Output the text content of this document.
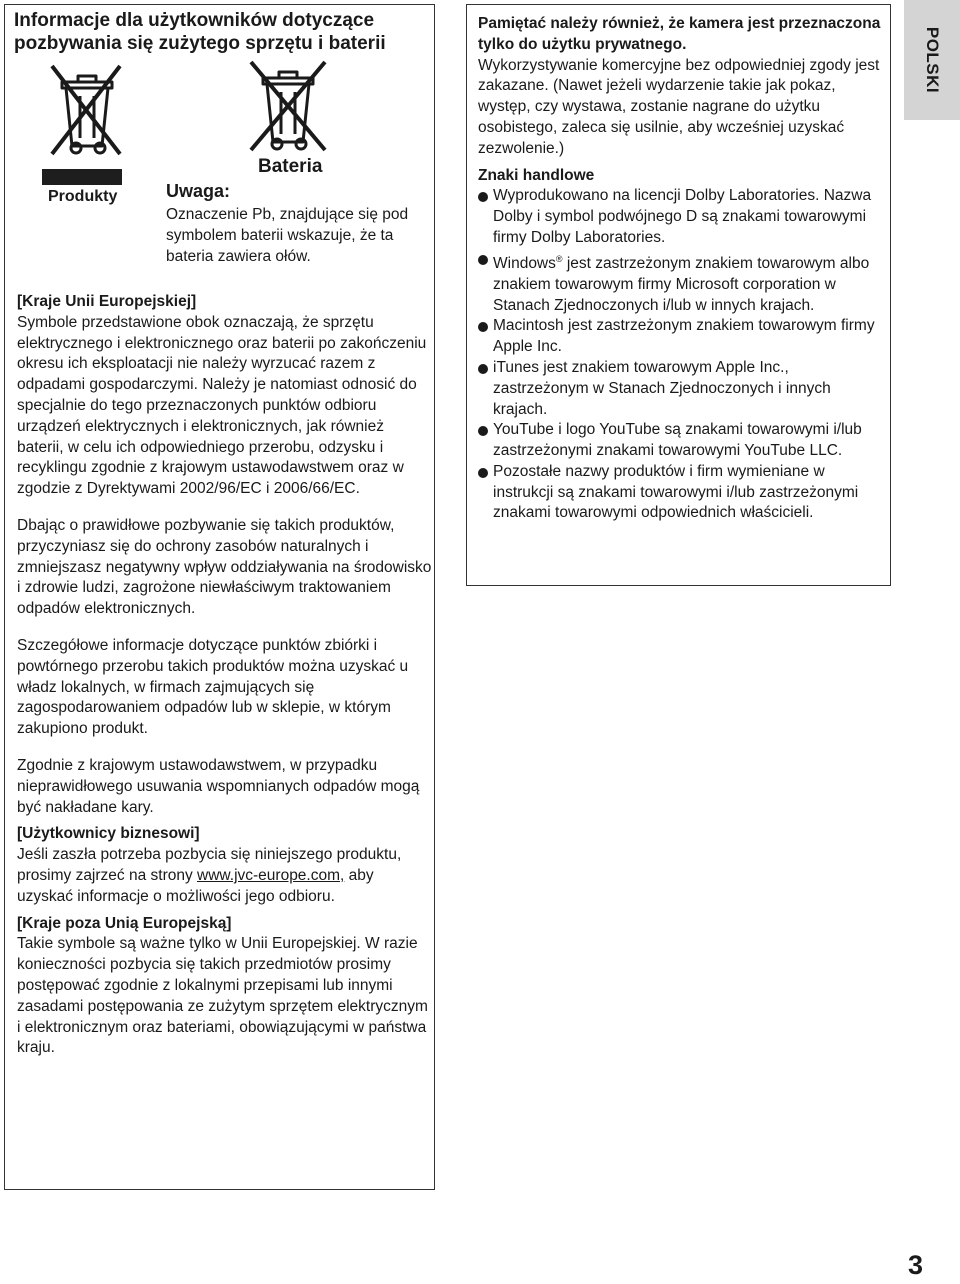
Informacje dla użytkowników dotyczące pozbywania się zużytego sprzętu i baterii
Produkty
Bateria
Uwaga:

Oznaczenie Pb, znajdujące się pod symbolem baterii wskazuje, że ta bateria zawiera ołów.

[Kraje Unii Europejskiej]

Symbole przedstawione obok oznaczają, że sprzętu elektrycznego i elektronicznego oraz baterii po zakończeniu okresu ich eksploatacji nie należy wyrzucać razem z odpadami gospodarczymi. Należy je natomiast odnosić do specjalnie do tego przeznaczonych punktów odbioru urządzeń elektrycznych i elektronicznych, jak również baterii, w celu ich odpowiedniego przerobu, odzysku i recyklingu zgodnie z krajowym ustawodawstwem oraz w zgodzie z Dyrektywami 2002/96/EC i 2006/66/EC.

Dbając o prawidłowe pozbywanie się takich produktów, przyczyniasz się do ochrony zasobów naturalnych i zmniejszasz negatywny wpływ oddziaływania na środowisko i zdrowie ludzi, zagrożone niewłaściwym traktowaniem odpadów elektronicznych.

Szczegółowe informacje dotyczące punktów zbiórki i powtórnego przerobu takich produktów można uzyskać u władz lokalnych, w firmach zajmujących się zagospodarowaniem odpadów lub w sklepie, w którym zakupiono produkt.

Zgodnie z krajowym ustawodawstwem, w przypadku nieprawidłowego usuwania wspomnianych odpadów mogą być nakładane kary.

[Użytkownicy biznesowi]

Jeśli zaszła potrzeba pozbycia się niniejszego produktu, prosimy zajrzeć na strony www.jvc-europe.com, aby uzyskać informacje o możliwości jego odbioru.

[Kraje poza Unią Europejską]

Takie symbole są ważne tylko w Unii Europejskiej. W razie konieczności pozbycia się takich przedmiotów prosimy postępować zgodnie z lokalnymi przepisami lub innymi zasadami postępowania ze zużytym sprzętem elektrycznym i elektronicznym oraz bateriami, obowiązującymi w państwa kraju.

Pamiętać należy również, że kamera jest przeznaczona tylko do użytku prywatnego.

Wykorzystywanie komercyjne bez odpowiedniej zgody jest zakazane. (Nawet jeżeli wydarzenie takie jak pokaz, występ, czy wystawa, zostanie nagrane do użytku osobistego, zaleca się usilnie, aby wcześniej uzyskać zezwolenie.)

Znaki handlowe

Wyprodukowano na licencji Dolby Laboratories. Nazwa Dolby i symbol podwójnego D są znakami towarowymi firmy Dolby Laboratories.

Windows® jest zastrzeżonym znakiem towarowym albo znakiem towarowym firmy Microsoft corporation w Stanach Zjednoczonych i/lub w innych krajach.

Macintosh jest zastrzeżonym znakiem towarowym firmy Apple Inc.

iTunes jest znakiem towarowym Apple Inc., zastrzeżonym w Stanach Zjednoczonych i innych krajach.

YouTube i logo YouTube są znakami towarowymi i/lub zastrzeżonymi znakami towarowymi YouTube LLC.

Pozostałe nazwy produktów i firm wymieniane w instrukcji są znakami towarowymi i/lub zastrzeżonymi znakami towarowymi odpowiednich właścicieli.

POLSKI
3
